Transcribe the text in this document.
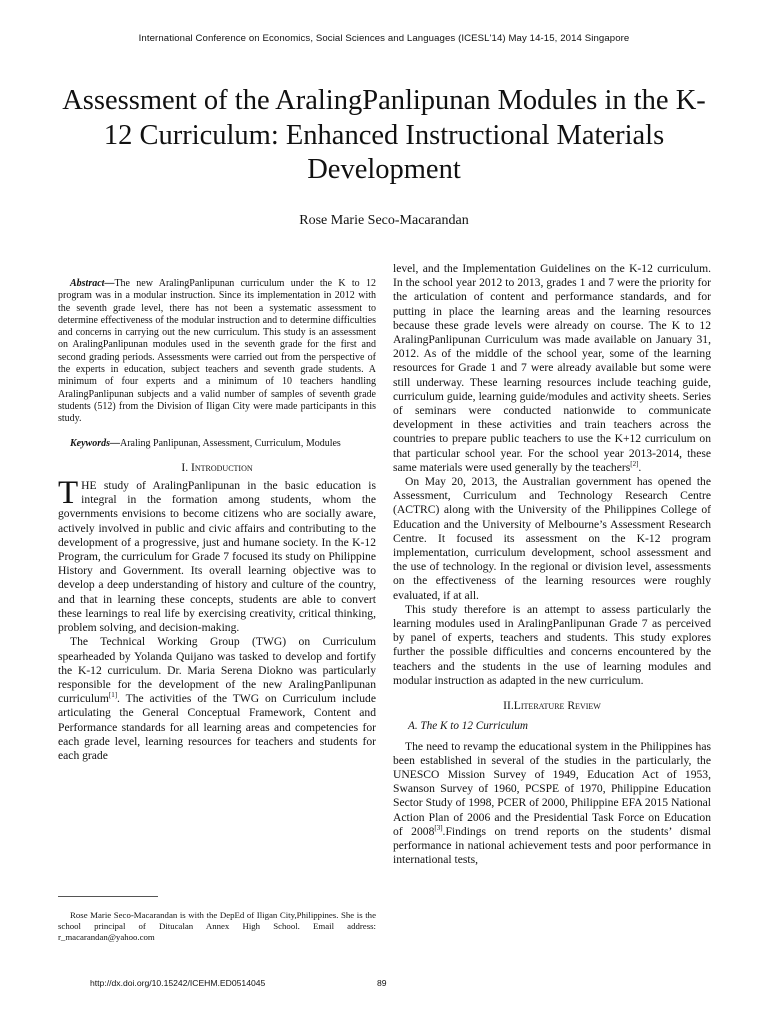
International Conference on Economics, Social Sciences and Languages (ICESL'14) May 14-15, 2014 Singapore
Assessment of the AralingPanlipunan Modules in the K-12 Curriculum: Enhanced Instructional Materials Development
Rose Marie Seco-Macarandan

Abstract—The new AralingPanlipunan curriculum under the K to 12 program was in a modular instruction. Since its implementation in 2012 with the seventh grade level, there has not been a systematic assessment to determine effectiveness of the modular instruction and to determine difficulties and concerns in carrying out the new curriculum. This study is an assessment on AralingPanlipunan modules used in the seventh grade for the first and second grading periods. Assessments were carried out from the perspective of the experts in education, subject teachers and seventh grade students. A minimum of four experts and a minimum of 10 teachers handling AralingPanlipunan subjects and a valid number of samples of seventh grade students (512) from the Division of Iligan City were made participants in this study.

Keywords—Araling Panlipunan, Assessment, Curriculum, Modules

I. Introduction

THE study of AralingPanlipunan in the basic education is integral in the formation among students, whom the governments envisions to become citizens who are socially aware, actively involved in public and civic affairs and contributing to the development of a progressive, just and humane society. In the K-12 Program, the curriculum for Grade 7 focused its study on Philippine History and Government. Its overall learning objective was to develop a deep understanding of history and culture of the country, and that in learning these concepts, students are able to convert these learnings to real life by exercising creativity, critical thinking, problem solving, and decision-making.

The Technical Working Group (TWG) on Curriculum spearheaded by Yolanda Quijano was tasked to develop and fortify the K-12 curriculum. Dr. Maria Serena Diokno was particularly responsible for the development of the new AralingPanlipunan curriculum[1]. The activities of the TWG on Curriculum include articulating the General Conceptual Framework, Content and Performance standards for all learning areas and competencies for each grade level, learning resources for teachers and students for each grade

level, and the Implementation Guidelines on the K-12 curriculum. In the school year 2012 to 2013, grades 1 and 7 were the priority for the articulation of content and performance standards, and for putting in place the learning areas and the learning resources because these grade levels were already on course. The K to 12 AralingPanlipunan Curriculum was made available on January 31, 2012. As of the middle of the school year, some of the learning resources for Grade 1 and 7 were already available but some were still underway. These learning resources include teaching guide, curriculum guide, learning guide/modules and activity sheets. Series of seminars were conducted nationwide to communicate development in these activities and train teachers across the countries to prepare public teachers to use the K+12 curriculum on that particular school year. For the school year 2013-2014, these same materials were used generally by the teachers[2].

On May 20, 2013, the Australian government has opened the Assessment, Curriculum and Technology Research Centre (ACTRC) along with the University of the Philippines College of Education and the University of Melbourne’s Assessment Research Centre. It focused its assessment on the K-12 program implementation, curriculum development, school assessment and the use of technology. In the regional or division level, assessments on the effectiveness of the learning resources were roughly evaluated, if at all.

This study therefore is an attempt to assess particularly the learning modules used in AralingPanlipunan Grade 7 as perceived by panel of experts, teachers and students. This study explores further the possible difficulties and concerns encountered by the teachers and the students in the use of learning modules and modular instruction as adapted in the new curriculum.

II.Literature Review
A. The K to 12 Curriculum

The need to revamp the educational system in the Philippines has been established in several of the studies in the particularly, the UNESCO Mission Survey of 1949, Education Act of 1953, Swanson Survey of 1960, PCSPE of 1970, Philippine Education Sector Study of 1998, PCER of 2000, Philippine EFA 2015 National Action Plan of 2006 and the Presidential Task Force on Education of 2008[3].Findings on trend reports on the students’ dismal performance in national achievement tests and poor performance in international tests,

Rose Marie Seco-Macarandan is with the DepEd of Iligan City,Philippines. She is the school principal of Ditucalan Annex High School. Email address: r_macarandan@yahoo.com

http://dx.doi.org/10.15242/ICEHM.ED0514045	89
